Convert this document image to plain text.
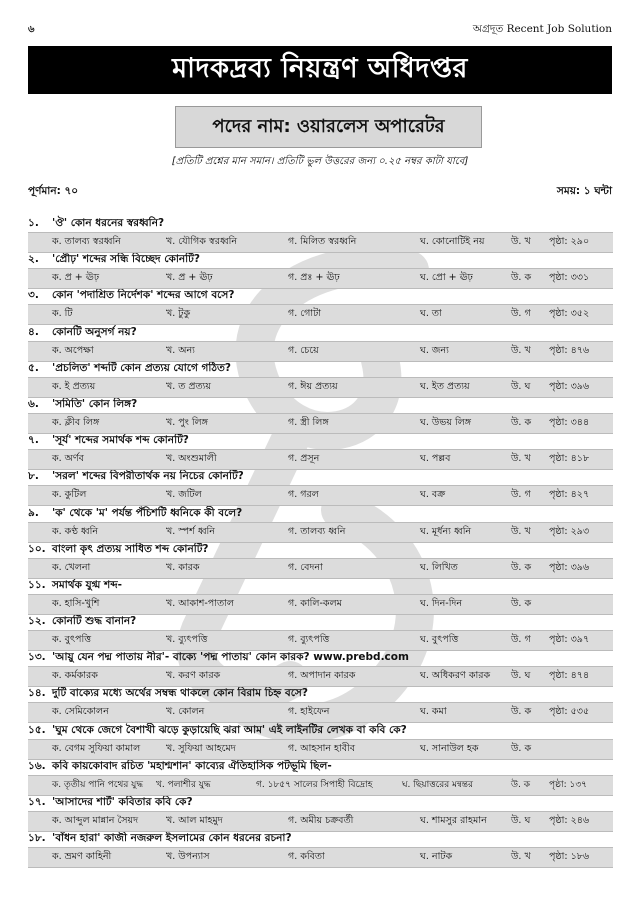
৬	অগ্রদূত Recent Job Solution
মাদকদ্রব্য নিয়ন্ত্রণ অধিদপ্তর
পদের নাম: ওয়ারলেস অপারেটর
[প্রতিটি প্রশ্নের মান সমান। প্রতিটি ভুল উত্তরের জন্য ০.২৫ নম্বর কাটা যাবে]
পূর্ণমান: ৭০	সময়: ১ ঘন্টা
১.	'ঔ' কোন ধরনের স্বরধ্বনি?
ক. তালব্য স্বরধ্বনি	খ. যৌগিক স্বরধ্বনি	গ. মিলিত স্বরধ্বনি	ঘ. কোনোটিই নয়	উ. খ পৃষ্ঠা: ২৯০
২.	'প্রৌঢ়' শব্দের সন্ধি বিচ্ছেদ কোনটি?
ক. প্র + ঊঢ়	খ. প্র + ঊঢ়	গ. প্রঃ + ঊঢ়	ঘ. প্রো + ঊঢ়	উ. ক পৃষ্ঠা: ৩৩১
৩.	কোন 'পদাশ্রিত নির্দেশক' শব্দের আগে বসে?
ক. টি	খ. টুকু	গ. গোটা	ঘ. তা	উ. গ পৃষ্ঠা: ৩৫২
৪.	কোনটি অনুসর্গ নয়?
ক. অপেক্ষা	খ. অন্য	গ. চেয়ে	ঘ. জন্য	উ. খ পৃষ্ঠা: ৪৭৬
৫.	'প্রচলিত' শব্দটি কোন প্রত্যয় যোগে গঠিত?
ক. ই প্রত্যয়	খ. ত প্রত্যয়	গ. ঈয় প্রত্যয়	ঘ. ইত প্রত্যয়	উ. ঘ পৃষ্ঠা: ৩৯৬
৬.	'সমিতি' কোন লিঙ্গ?
ক. ক্লীব লিঙ্গ	খ. পুং লিঙ্গ	গ. স্ত্রী লিঙ্গ	ঘ. উভয় লিঙ্গ	উ. ক পৃষ্ঠা: ৩৪৪
৭.	'সূর্য' শব্দের সমার্থক শব্দ কোনটি?
ক. অর্ণব	খ. অংশুমালী	গ. প্রসূন	ঘ. পল্লব	উ. খ পৃষ্ঠা: ৪১৮
৮.	'সরল' শব্দের বিপরীতার্থক নয় নিচের কোনটি?
ক. কুটিল	খ. জটিল	গ. গরল	ঘ. বক্র	উ. গ পৃষ্ঠা: ৪২৭
৯.	'ক' থেকে 'ম' পর্যন্ত পঁচিশটি ধ্বনিকে কী বলে?
ক. কণ্ঠ ধ্বনি	খ. স্পর্শ ধ্বনি	গ. তালব্য ধ্বনি	ঘ. মূর্ধন্য ধ্বনি	উ. খ পৃষ্ঠা: ২৯৩
১০. বাংলা কৃৎ প্রত্যয় সাধিত শব্দ কোনটি?
ক. খেলনা	খ. কারক	গ. বেদনা	ঘ. লিখিত	উ. ক পৃষ্ঠা: ৩৯৬
১১. সমার্থক যুগ্ম শব্দ-
ক. হাসি-খুশি	খ. আকাশ-পাতাল	গ. কালি-কলম	ঘ. দিন-দিন	উ. ক
১২. কোনটি শুদ্ধ বানান?
ক. বুৎপত্তি	খ. ব্যুৎপত্তি	গ. ব্যুৎপত্তি	ঘ. বুৎপত্তি	উ. গ পৃষ্ঠা: ৩৯৭
১৩. 'আয়ু যেন পদ্ম পাতায় নীর'- বাক্যে 'পদ্ম পাতায়' কোন কারক? www.prebd.com
ক. কর্মকারক	খ. করণ কারক	গ. অপাদান কারক	ঘ. অধিকরণ কারক উ. ঘ পৃষ্ঠা: ৪৭৪
১৪. দুটি বাক্যের মধ্যে অর্থের সম্বন্ধ থাকলে কোন বিরাম চিহ্ন বসে?
ক. সেমিকোলন	খ. কোলন	গ. হাইফেন	ঘ. কমা	উ. ক পৃষ্ঠা: ৫৩৫
১৫. 'ঘুম থেকে জেগে বৈশাখী ঝড়ে কুড়ায়েছি ঝরা আম' এই লাইনটির লেখক বা কবি কে?
ক. বেগম সুফিয়া কামাল	খ. সুফিয়া আহমেদ	গ. আহসান হাবীব	ঘ. সানাউল হক	উ. ক
১৬. কবি কায়কোবাদ রচিত 'মহাশ্মশান' কাব্যের ঐতিহাসিক পটভূমি ছিল-
ক. তৃতীয় পানি পথের যুদ্ধ খ. পলাশীর যুদ্ধ	গ. ১৮৫৭ সালের সিপাহী বিদ্রোহ	ঘ. ছিয়াত্তরের মন্বন্তর	উ. ক পৃষ্ঠা: ১৩৭
১৭. 'আসাদের শার্ট' কবিতার কবি কে?
ক. আব্দুল মান্নান সৈয়দ	খ. আল মাহমুদ	গ. অমীয় চক্রবর্তী	ঘ. শামসুর রাহমান	উ. ঘ পৃষ্ঠা: ২৪৬
১৮. 'বাঁধন হারা' কাজী নজরুল ইসলামের কোন ধরনের রচনা?
ক. ভ্রমণ কাহিনী	খ. উপন্যাস	গ. কবিতা	ঘ. নাটক	উ. খ পৃষ্ঠা: ১৮৬
